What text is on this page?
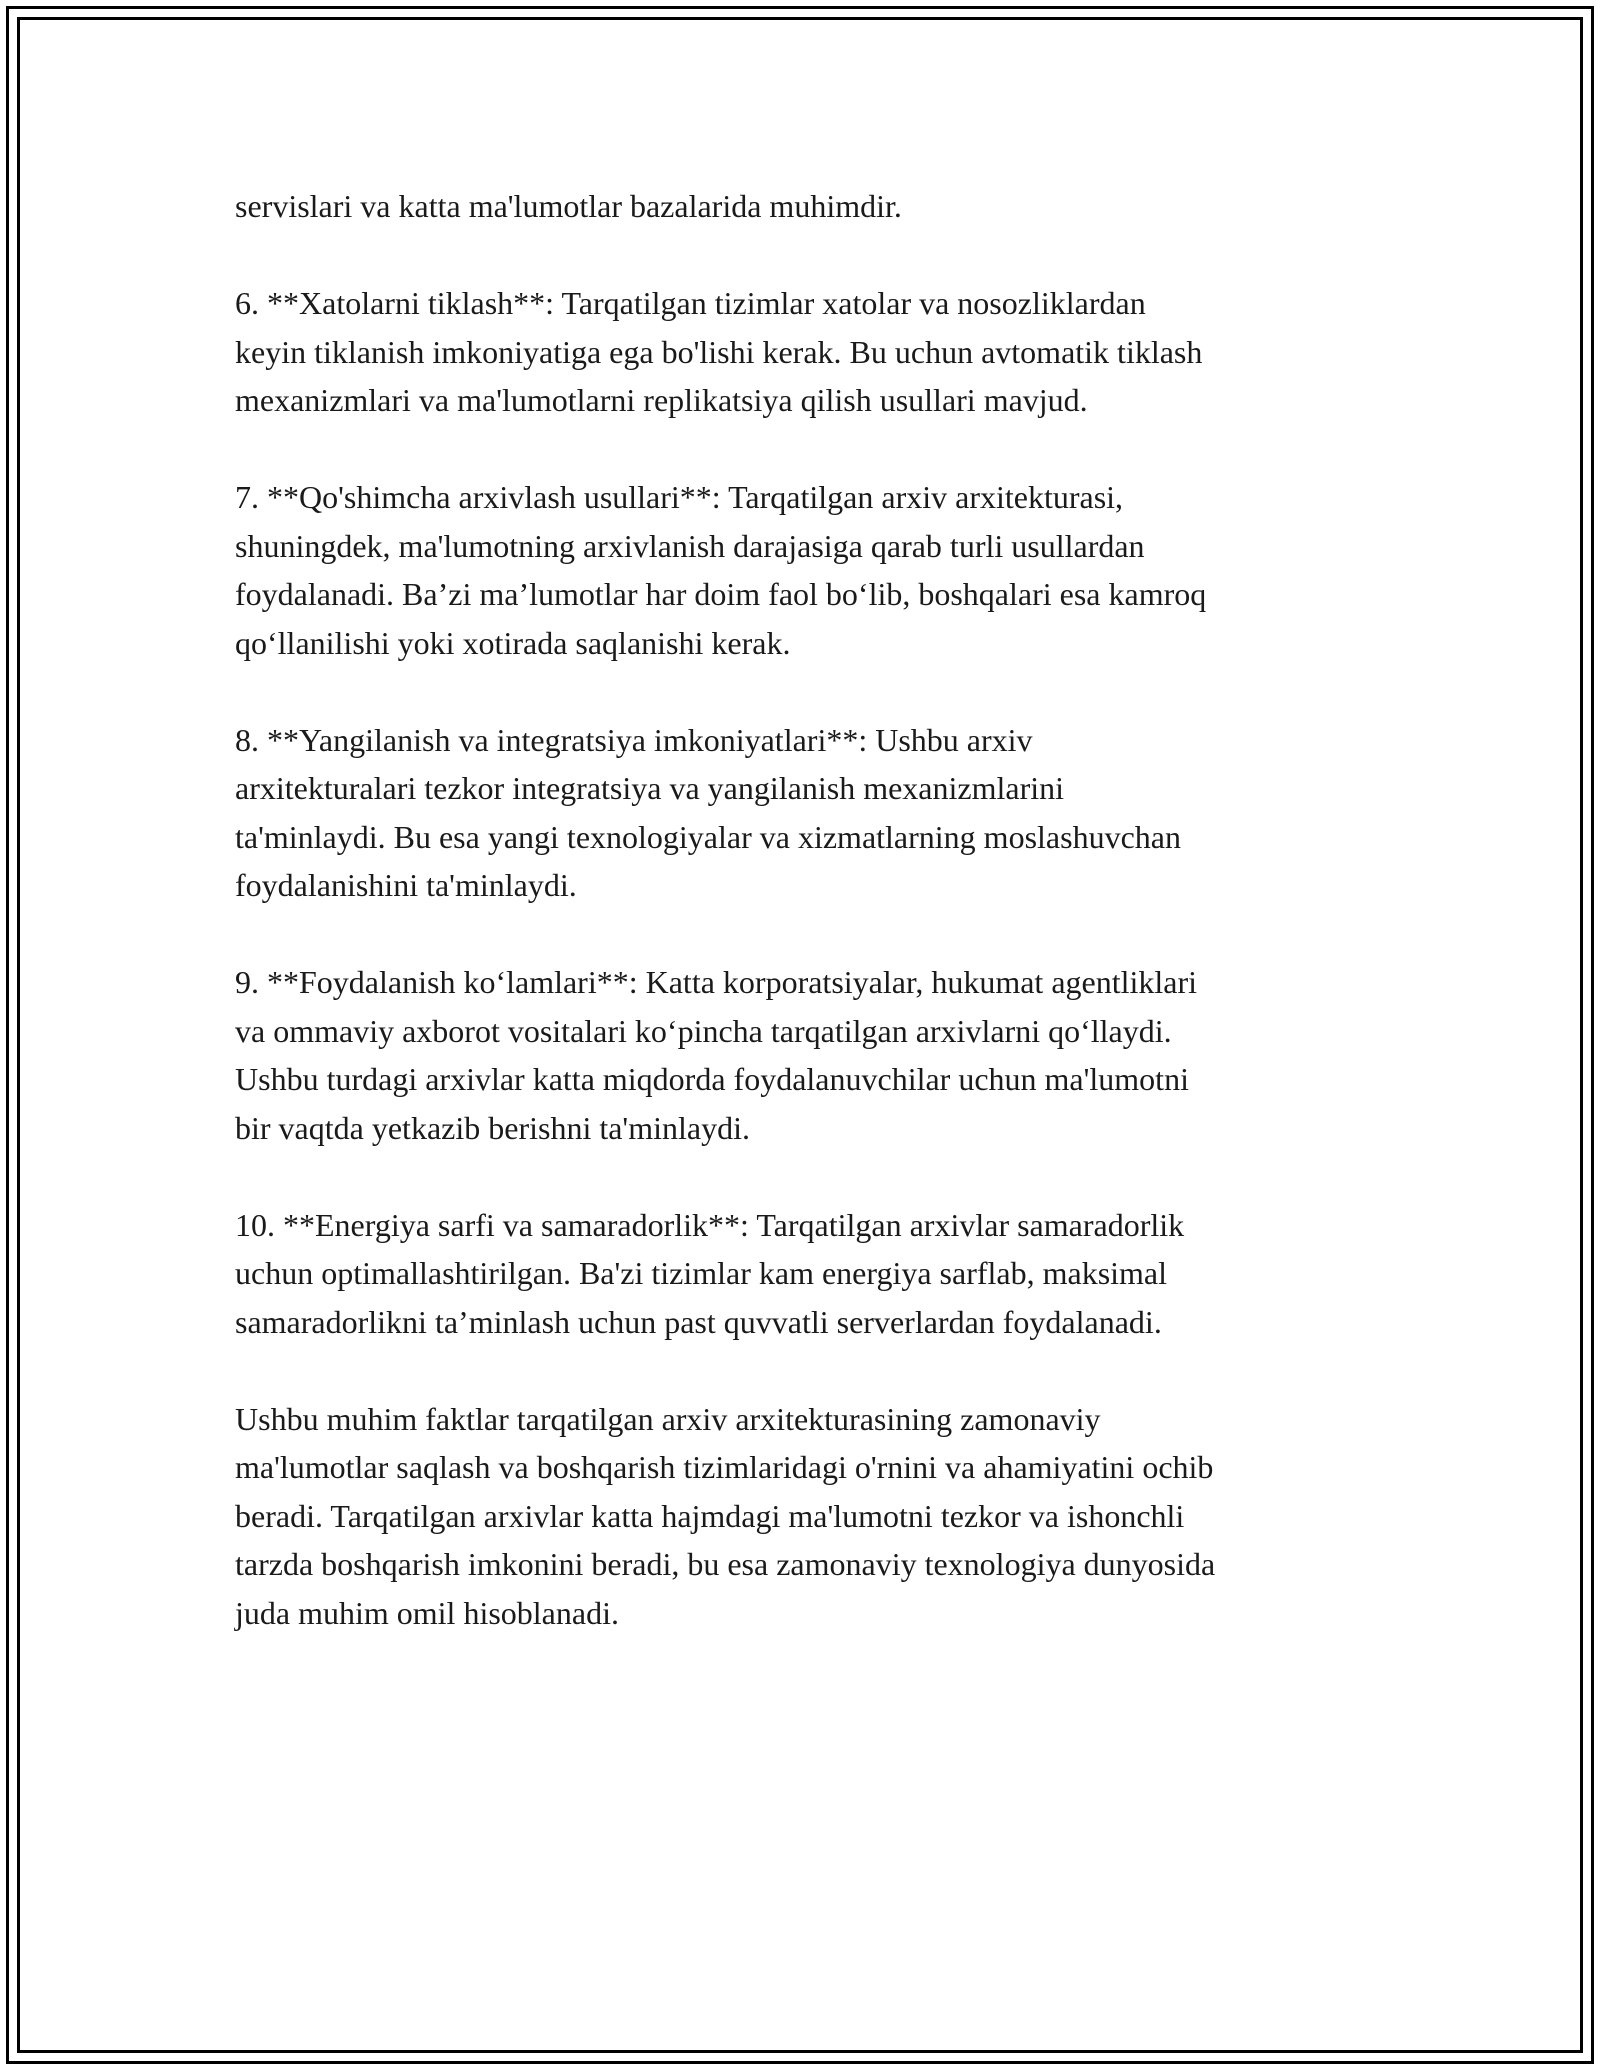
servislari va katta ma'lumotlar bazalarida muhimdir.

6. **Xatolarni tiklash**: Tarqatilgan tizimlar xatolar va nosozliklardan
keyin tiklanish imkoniyatiga ega bo'lishi kerak. Bu uchun avtomatik tiklash
mexanizmlari va ma'lumotlarni replikatsiya qilish usullari mavjud.

7. **Qo'shimcha arxivlash usullari**: Tarqatilgan arxiv arxitekturasi,
shuningdek, ma'lumotning arxivlanish darajasiga qarab turli usullardan
foydalanadi. Ba’zi ma’lumotlar har doim faol bo‘lib, boshqalari esa kamroq
qo‘llanilishi yoki xotirada saqlanishi kerak.

8. **Yangilanish va integratsiya imkoniyatlari**: Ushbu arxiv
arxitekturalari tezkor integratsiya va yangilanish mexanizmlarini
ta'minlaydi. Bu esa yangi texnologiyalar va xizmatlarning moslashuvchan
foydalanishini ta'minlaydi.

9. **Foydalanish ko‘lamlari**: Katta korporatsiyalar, hukumat agentliklari
va ommaviy axborot vositalari ko‘pincha tarqatilgan arxivlarni qo‘llaydi.
Ushbu turdagi arxivlar katta miqdorda foydalanuvchilar uchun ma'lumotni
bir vaqtda yetkazib berishni ta'minlaydi.

10. **Energiya sarfi va samaradorlik**: Tarqatilgan arxivlar samaradorlik
uchun optimallashtirilgan. Ba'zi tizimlar kam energiya sarflab, maksimal
samaradorlikni ta’minlash uchun past quvvatli serverlardan foydalanadi.

Ushbu muhim faktlar tarqatilgan arxiv arxitekturasining zamonaviy
ma'lumotlar saqlash va boshqarish tizimlaridagi o'rnini va ahamiyatini ochib
beradi. Tarqatilgan arxivlar katta hajmdagi ma'lumotni tezkor va ishonchli
tarzda boshqarish imkonini beradi, bu esa zamonaviy texnologiya dunyosida
juda muhim omil hisoblanadi.
